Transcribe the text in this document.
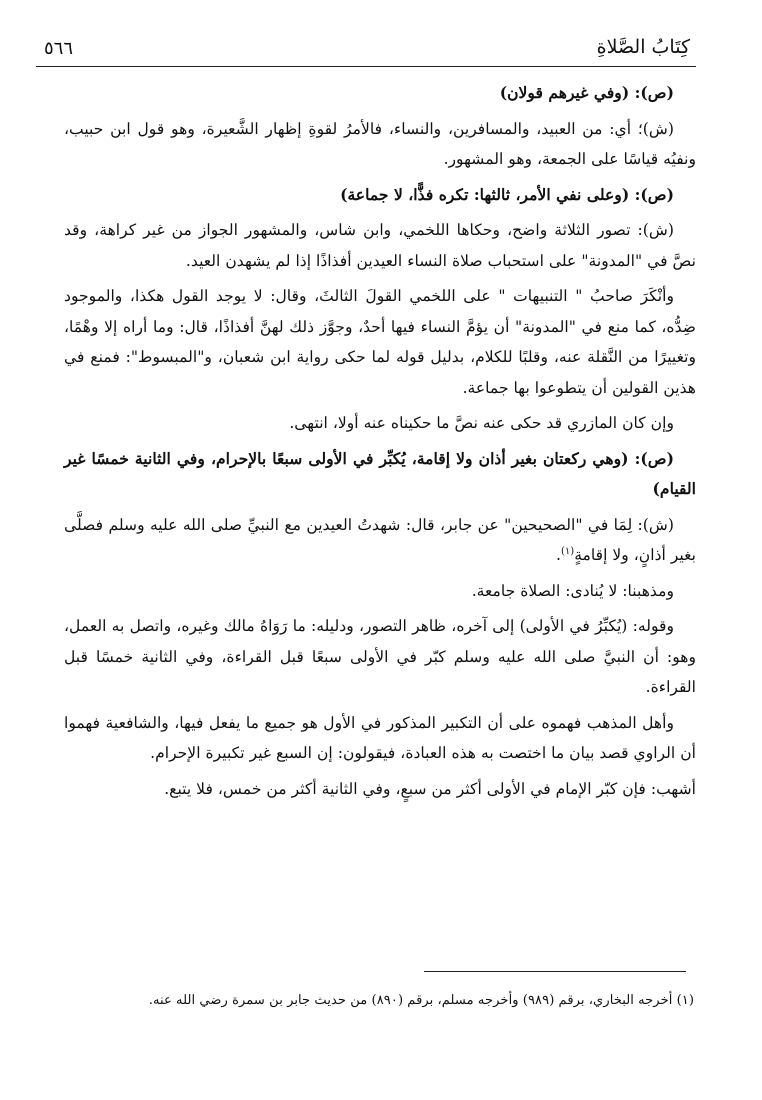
٥٦٦	كِتَابُ الصَّلاةِ

(ص): (وفي غيرهم قولان)

(ش)؛ أي: من العبيد، والمسافرين، والنساء، فالأمرُ لقوةِ إظهار الشَّعيرة، وهو قول ابن حبيب، ونفيُه قياسًا على الجمعة، وهو المشهور.

(ص): (وعلى نفي الأمر، ثالثها: تكره فذًّا، لا جماعة)

(ش): تصور الثلاثة واضح، وحكاها اللخمي، وابن شاس، والمشهور الجواز من غير كراهة، وقد نصَّ في "المدونة" على استحباب صلاة النساء العيدين أفذاذًا إذا لم يشهدن العيد.

وأنْكَرَ صاحبُ " التنبيهات " على اللخمي القولَ الثالثَ، وقال: لا يوجد القول هكذا، والموجود ضِدُّه، كما منع في "المدونة" أن يؤمَّ النساء فيها أحدٌ، وجوَّز ذلك لهنَّ أفذاذًا، قال: وما أراه إلا وهْمًا، وتغييرًا من النَّقلة عنه، وقلبًا للكلام، بدليل قوله لما حكى رواية ابن شعبان، و"المبسوط": فمنع في هذين القولين أن يتطوعوا بها جماعة.

وإن كان المازري قد حكى عنه نصَّ ما حكيناه عنه أولا، انتهى.

(ص): (وهي ركعتان بغير أذان ولا إقامة، يُكبِّر في الأولى سبعًا بالإحرام، وفي الثانية خمسًا غير القيام)

(ش): لِمَا في "الصحيحين" عن جابر، قال: شهدتُ العيدين مع النبيِّ صلى الله عليه وسلم فصلَّى بغير أذانٍ، ولا إقامةٍ$^{(١)}$.

ومذهبنا: لا يُنادى: الصلاة جامعة.

وقوله: (يُكبِّرُ في الأولى) إلى آخره، ظاهر التصور، ودليله: ما رَوَاهُ مالك وغيره، واتصل به العمل، وهو: أن النبيَّ صلى الله عليه وسلم كبّر في الأولى سبعًا قبل القراءة، وفي الثانية خمسًا قبل القراءة.

وأهل المذهب فهموه على أن التكبير المذكور في الأول هو جميع ما يفعل فيها، والشافعية فهموا أن الراوي قصد بيان ما اختصت به هذه العبادة، فيقولون: إن السبع غير تكبيرة الإحرام.

أشهب: فإن كبّر الإمام في الأولى أكثر من سبعٍ، وفي الثانية أكثر من خمس، فلا يتبع.

(١) أخرجه البخاري، برقم (٩٨٩) وأخرجه مسلم، برقم (٨٩٠) من حديث جابر بن سمرة رضي الله عنه.
